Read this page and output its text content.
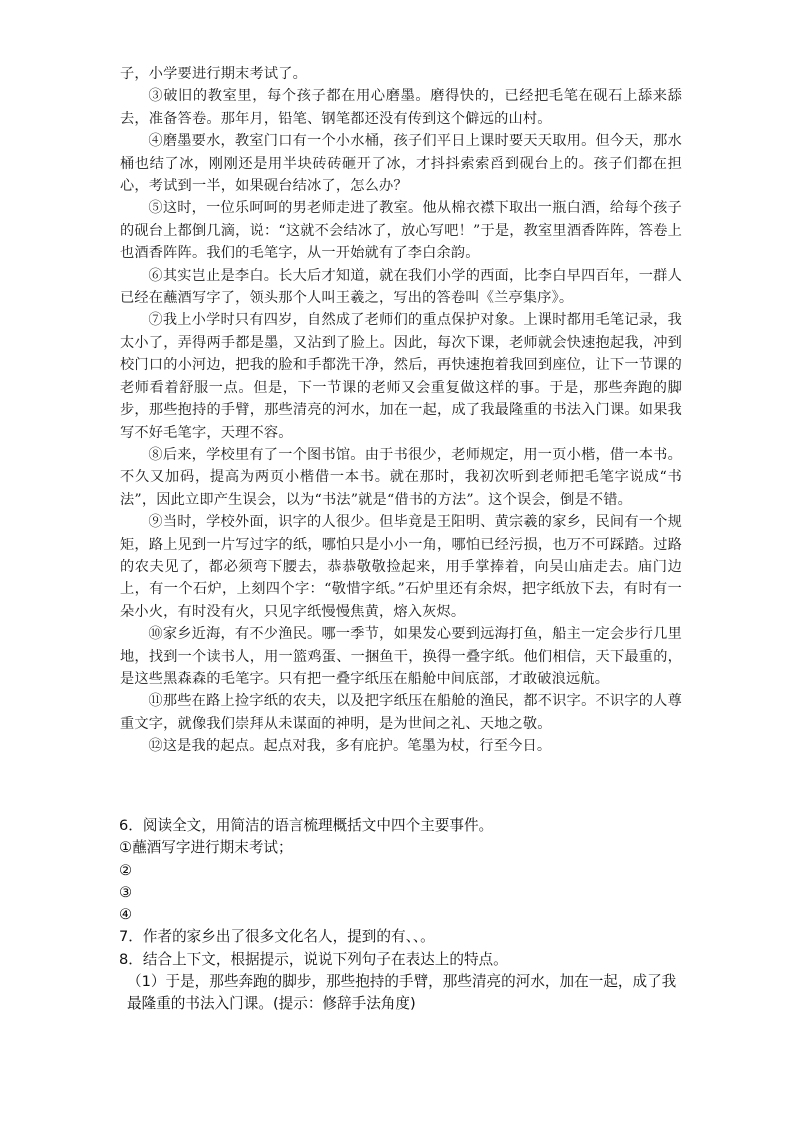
子，小学要进行期末考试了。

③破旧的教室里，每个孩子都在用心磨墨。磨得快的，已经把毛笔在砚石上舔来舔去，准备答卷。那年月，铅笔、钢笔都还没有传到这个僻远的山村。

④磨墨要水，教室门口有一个小水桶，孩子们平日上课时要天天取用。但今天，那水桶也结了冰，刚刚还是用半块砖砖砸开了冰，才抖抖索索舀到砚台上的。孩子们都在担心，考试到一半，如果砚台结冰了，怎么办？

⑤这时，一位乐呵呵的男老师走进了教室。他从棉衣襟下取出一瓶白酒，给每个孩子的砚台上都倒几滴，说：“这就不会结冰了，放心写吧！”于是，教室里酒香阵阵，答卷上也酒香阵阵。我们的毛笔字，从一开始就有了李白余韵。

⑥其实岂止是李白。长大后才知道，就在我们小学的西面，比李白早四百年，一群人已经在蘸酒写字了，领头那个人叫王羲之，写出的答卷叫《兰亭集序》。

⑦我上小学时只有四岁，自然成了老师们的重点保护对象。上课时都用毛笔记录，我太小了，弄得两手都是墨，又沾到了脸上。因此，每次下课，老师就会快速抱起我，冲到校门口的小河边，把我的脸和手都洗干净，然后，再快速抱着我回到座位，让下一节课的老师看着舒服一点。但是，下一节课的老师又会重复做这样的事。于是，那些奔跑的脚步，那些抱持的手臂，那些清亮的河水，加在一起，成了我最隆重的书法入门课。如果我写不好毛笔字，天理不容。

⑧后来，学校里有了一个图书馆。由于书很少，老师规定，用一页小楷，借一本书。不久又加码，提高为两页小楷借一本书。就在那时，我初次听到老师把毛笔字说成“书法”，因此立即产生误会，以为“书法”就是“借书的方法”。这个误会，倒是不错。

⑨当时，学校外面，识字的人很少。但毕竟是王阳明、黄宗羲的家乡，民间有一个规矩，路上见到一片写过字的纸，哪怕只是小小一角，哪怕已经污损，也万不可踩踏。过路的农夫见了，都必须弯下腰去，恭恭敬敬捡起来，用手掌捧着，向吴山庙走去。庙门边上，有一个石炉，上刻四个字：“敬惜字纸。”石炉里还有余烬，把字纸放下去，有时有一朵小火，有时没有火，只见字纸慢慢焦黄，熔入灰烬。

⑩家乡近海，有不少渔民。哪一季节，如果发心要到远海打鱼，船主一定会步行几里地，找到一个读书人，用一篮鸡蛋、一捆鱼干，换得一叠字纸。他们相信，天下最重的，是这些黑森森的毛笔字。只有把一叠字纸压在船舱中间底部，才敢破浪远航。

⑪那些在路上捡字纸的农夫，以及把字纸压在船舱的渔民，都不识字。不识字的人尊重文字，就像我们崇拜从未谋面的神明，是为世间之礼、天地之敬。

⑫这是我的起点。起点对我，多有庇护。笔墨为杖，行至今日。

6．阅读全文，用简洁的语言梳理概括文中四个主要事件。
①蘸酒写字进行期末考试；
②
③
④
7．作者的家乡出了很多文化名人，提到的有、、。
8．结合上下文，根据提示，说说下列句子在表达上的特点。
（1）于是，那些奔跑的脚步，那些抱持的手臂，那些清亮的河水，加在一起，成了我最隆重的书法入门课。(提示：修辞手法角度)
